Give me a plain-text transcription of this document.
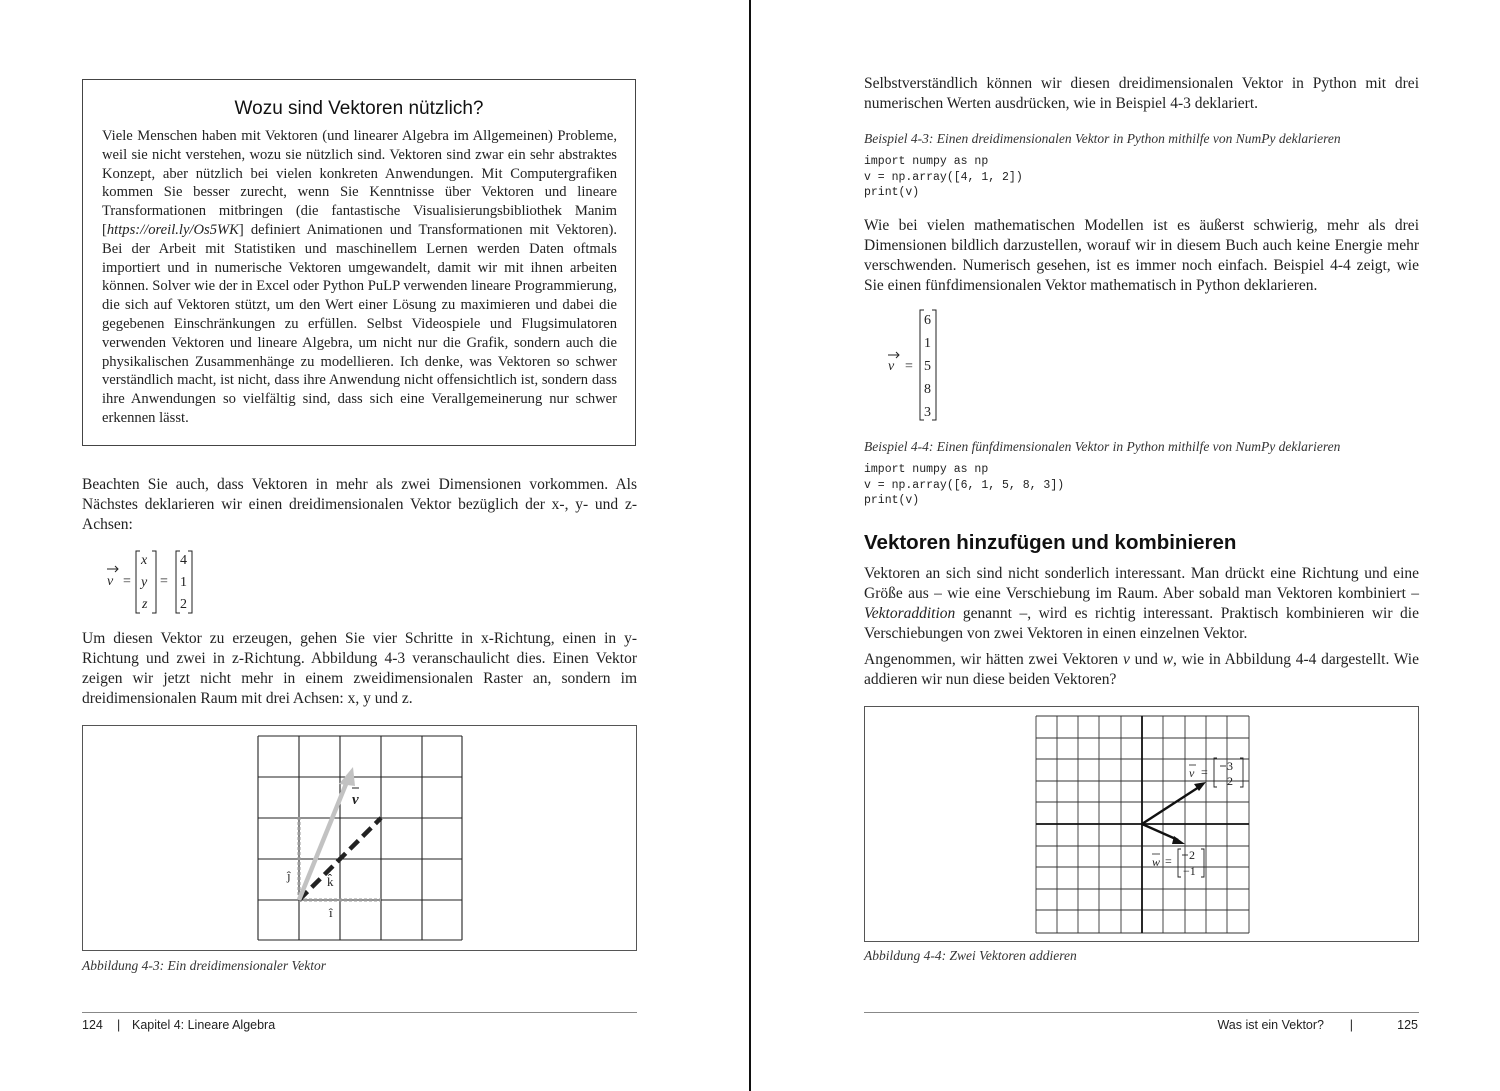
Wozu sind Vektoren nützlich?

Viele Menschen haben mit Vektoren (und linearer Algebra im Allgemeinen) Probleme, weil sie nicht verstehen, wozu sie nützlich sind. Vektoren sind zwar ein sehr abstraktes Konzept, aber nützlich bei vielen konkreten Anwendungen. Mit Computergrafiken kommen Sie besser zurecht, wenn Sie Kenntnisse über Vektoren und lineare Transformationen mitbringen (die fantastische Visualisierungsbibliothek Manim [https://oreil.ly/Os5WK] definiert Animationen und Transformationen mit Vektoren). Bei der Arbeit mit Statistiken und maschinellem Lernen werden Daten oftmals importiert und in numerische Vektoren umgewandelt, damit wir mit ihnen arbeiten können. Solver wie der in Excel oder Python PuLP verwenden lineare Programmierung, die sich auf Vektoren stützt, um den Wert einer Lösung zu maximieren und dabei die gegebenen Einschränkungen zu erfüllen. Selbst Videospiele und Flugsimulatoren verwenden Vektoren und lineare Algebra, um nicht nur die Grafik, sondern auch die physikalischen Zusammenhänge zu modellieren. Ich denke, was Vektoren so schwer verständlich macht, ist nicht, dass ihre Anwendung nicht offensichtlich ist, sondern dass ihre Anwendungen so vielfältig sind, dass sich eine Verallgemeinerung nur schwer erkennen lässt.

Beachten Sie auch, dass Vektoren in mehr als zwei Dimensionen vorkommen. Als Nächstes deklarieren wir einen dreidimensionalen Vektor bezüglich der x-, y- und z-Achsen:

v =
x
y
z
=
4
1
2

Um diesen Vektor zu erzeugen, gehen Sie vier Schritte in x-Richtung, einen in y-Richtung und zwei in z-Richtung. Abbildung 4-3 veranschaulicht dies. Einen Vektor zeigen wir jetzt nicht mehr in einem zweidimensionalen Raster an, sondern im dreidimensionalen Raum mit drei Achsen: x, y und z.

v
ĵ	k̂
î
Abbildung 4-3: Ein dreidimensionaler Vektor
124 | Kapitel 4: Lineare Algebra

Selbstverständlich können wir diesen dreidimensionalen Vektor in Python mit drei numerischen Werten ausdrücken, wie in Beispiel 4-3 deklariert.

Beispiel 4-3: Einen dreidimensionalen Vektor in Python mithilfe von NumPy deklarieren
import numpy as np
v = np.array([4, 1, 2])
print(v)

Wie bei vielen mathematischen Modellen ist es äußerst schwierig, mehr als drei Dimensionen bildlich darzustellen, worauf wir in diesem Buch auch keine Energie mehr verschwenden. Numerisch gesehen, ist es immer noch einfach. Beispiel 4-4 zeigt, wie Sie einen fünfdimensionalen Vektor mathematisch in Python deklarieren.

v =
6
1
5
8
3
Beispiel 4-4: Einen fünfdimensionalen Vektor in Python mithilfe von NumPy deklarieren
import numpy as np
v = np.array([6, 1, 5, 8, 3])
print(v)
Vektoren hinzufügen und kombinieren

Vektoren an sich sind nicht sonderlich interessant. Man drückt eine Richtung und eine Größe aus – wie eine Verschiebung im Raum. Aber sobald man Vektoren kombiniert – Vektoraddition genannt –, wird es richtig interessant. Praktisch kombinieren wir die Verschiebungen von zwei Vektoren in einen einzelnen Vektor.

Angenommen, wir hätten zwei Vektoren v und w, wie in Abbildung 4-4 dargestellt. Wie addieren wir nun diese beiden Vektoren?

v = 3
2
w = 2
−1
Abbildung 4-4: Zwei Vektoren addieren
Was ist ein Vektor? |	125
